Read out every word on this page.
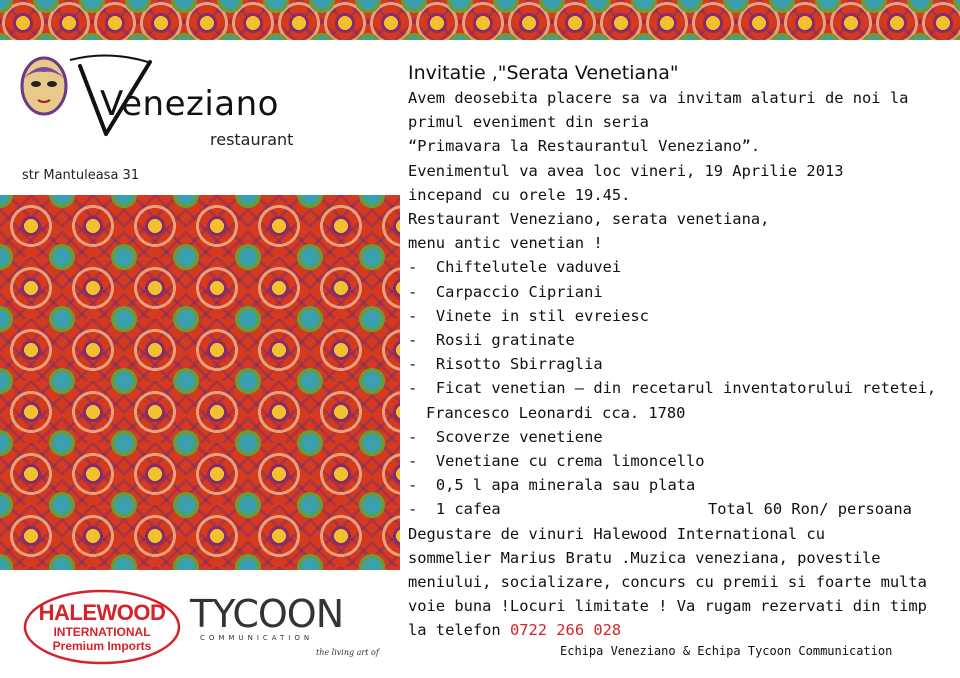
Veneziano
restaurant
str Mantuleasa 31
Invitatie ,"Serata Venetiana"
Avem deosebita placere sa va invitam alaturi de noi la
primul eveniment din seria
“Primavara la Restaurantul Veneziano”.
Evenimentul va avea loc vineri, 19 Aprilie 2013
incepand cu orele 19.45.
Restaurant Veneziano, serata venetiana,
menu antic venetian !
-  Chiftelutele vaduvei
-  Carpaccio Cipriani
-  Vinete in stil evreiesc
-  Rosii gratinate
-  Risotto Sbirraglia
-  Ficat venetian – din recetarul inventatorului retetei,
Francesco Leonardi cca. 1780
-  Scoverze venetiene
-  Venetiane cu crema limoncello
-  0,5 l apa minerala sau plata
-  1 cafea	Total 60 Ron/ persoana
Degustare de vinuri Halewood International cu
sommelier Marius Bratu .Muzica veneziana, povestile
meniului, socializare, concurs cu premii si foarte multa
voie buna !Locuri limitate ! Va rugam rezervati din timp
la telefon 0722 266 028
Echipa Veneziano & Echipa Tycoon Communication
HALEWOOD
INTERNATIONAL
Premium Imports
TYCOON
COMMUNICATION
the living art of
